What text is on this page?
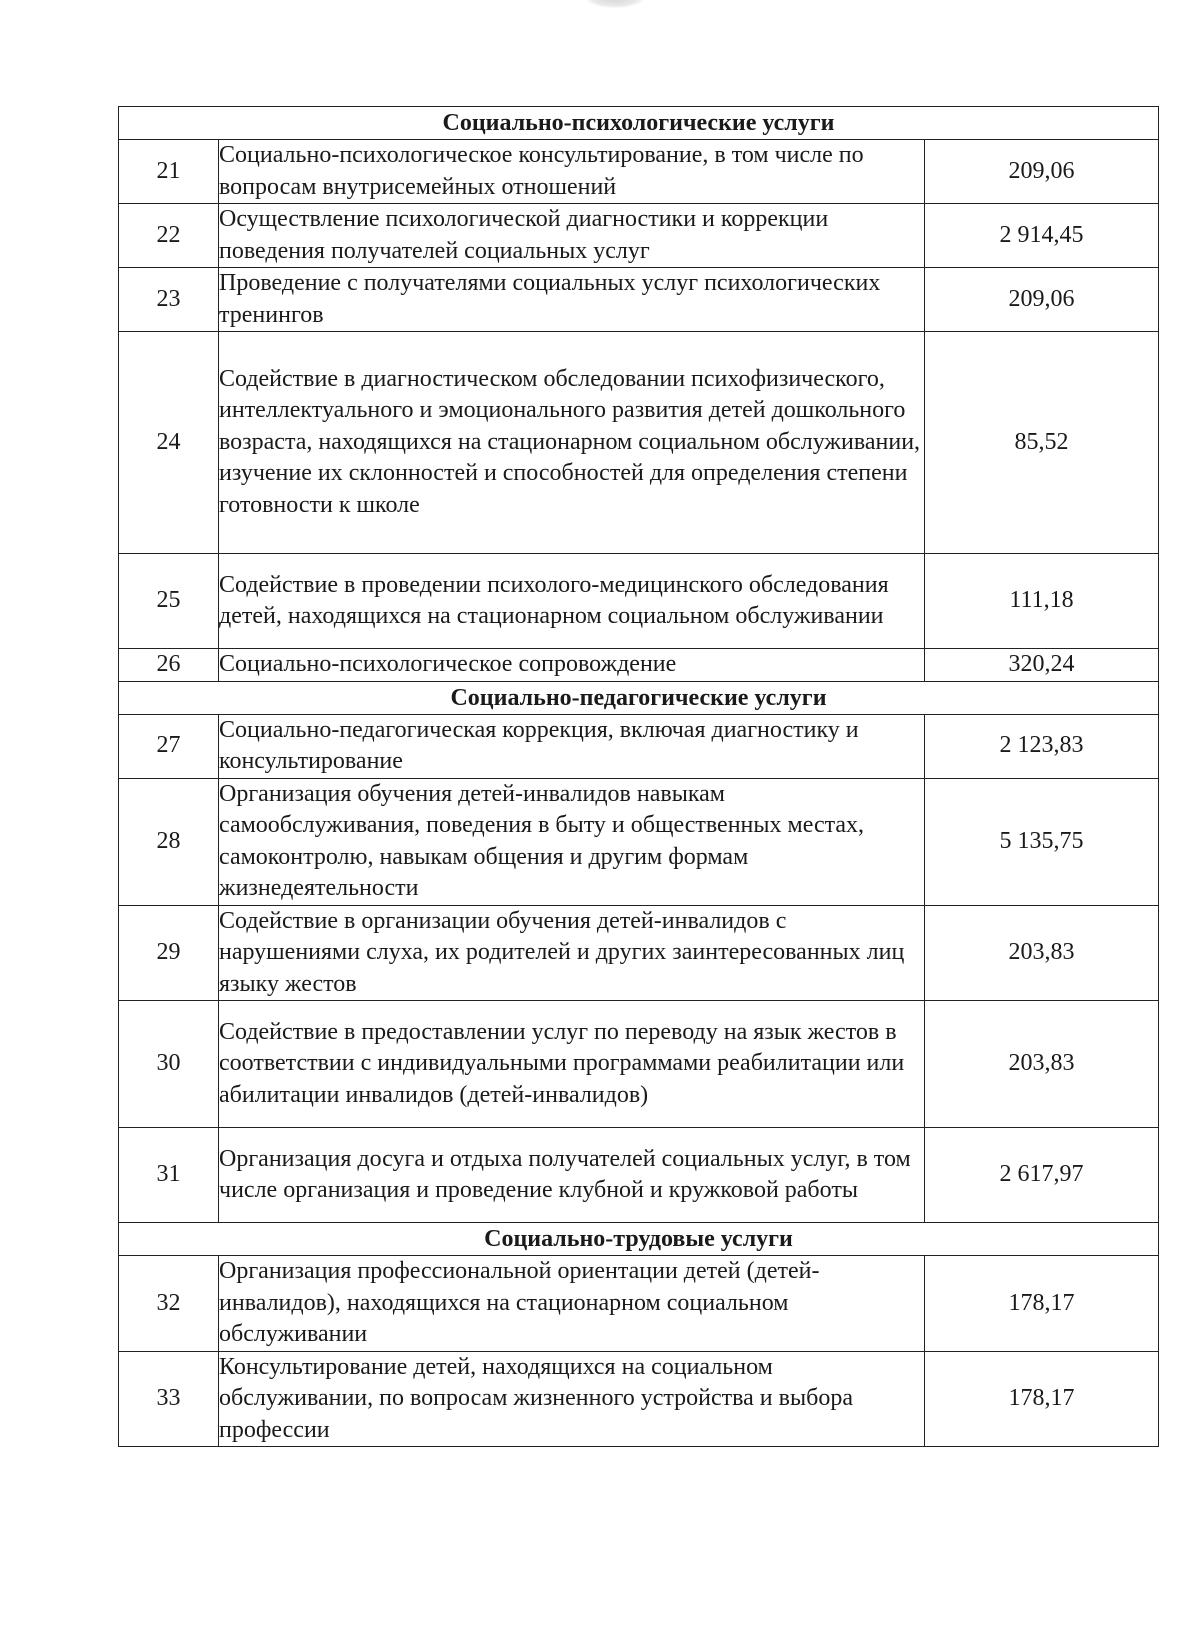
Социально-психологические услуги		
21	Социально-психологическое консультирование, в том числе по вопросам внутрисемейных отношений	209,06
22	Осуществление психологической диагностики и коррекции поведения получателей социальных услуг	2 914,45
23	Проведение с получателями социальных услуг психологических тренингов	209,06
24	Содействие в диагностическом обследовании психофизического, интеллектуального и эмоционального развития детей дошкольного возраста, находящихся на стационарном социальном обслуживании, изучение их склонностей и способностей для определения степени готовности к школе	85,52
25	Содействие в проведении психолого-медицинского обследования детей, находящихся на стационарном социальном обслуживании	111,18
26	Социально-психологическое сопровождение	320,24
Социально-педагогические услуги		
27	Социально-педагогическая коррекция, включая диагностику и консультирование	2 123,83
28	Организация обучения детей-инвалидов навыкам самообслуживания, поведения в быту и общественных местах, самоконтролю, навыкам общения и другим формам жизнедеятельности	5 135,75
29	Содействие в организации обучения детей-инвалидов с нарушениями слуха, их родителей и других заинтересованных лиц языку жестов	203,83
30	Содействие в предоставлении услуг по переводу на язык жестов в соответствии с индивидуальными программами реабилитации или абилитации инвалидов (детей-инвалидов)	203,83
31	Организация досуга и отдыха получателей социальных услуг, в том числе организация и проведение клубной и кружковой работы	2 617,97
Социально-трудовые услуги		
32	Организация профессиональной ориентации детей (детей-инвалидов), находящихся на стационарном социальном обслуживании	178,17
33	Консультирование детей, находящихся на социальном обслуживании, по вопросам жизненного устройства и выбора профессии	178,17
